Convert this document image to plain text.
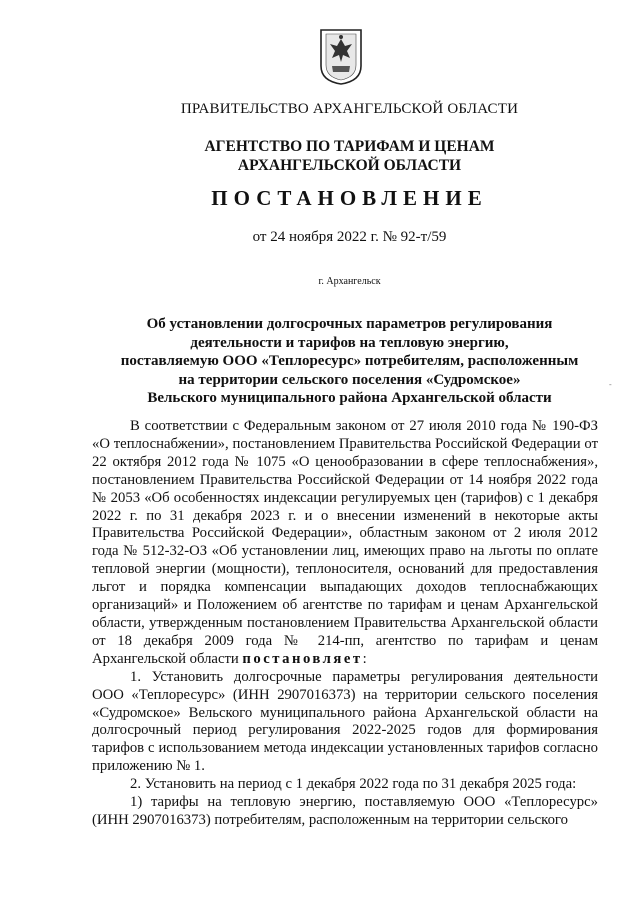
ПРАВИТЕЛЬСТВО АРХАНГЕЛЬСКОЙ ОБЛАСТИ
АГЕНТСТВО ПО ТАРИФАМ И ЦЕНАМ
АРХАНГЕЛЬСКОЙ ОБЛАСТИ
ПОСТАНОВЛЕНИЕ
от 24 ноября 2022 г. № 92-т/59
г. Архангельск
Об установлении долгосрочных параметров регулирования
деятельности и тарифов на тепловую энергию,
поставляемую ООО «Теплоресурс» потребителям, расположенным
на территории сельского поселения «Судромское»
Вельского муниципального района Архангельской области
-

В соответствии с Федеральным законом от 27 июля 2010 года № 190-ФЗ «О теплоснабжении», постановлением Правительства Российской Федерации от 22 октября 2012 года № 1075 «О ценообразовании в сфере теплоснабжения», постановлением Правительства Российской Федерации от 14 ноября 2022 года № 2053 «Об особенностях индексации регулируемых цен (тарифов) с 1 декабря 2022 г. по 31 декабря 2023 г. и о внесении изменений в некоторые акты Правительства Российской Федерации», областным законом от 2 июля 2012 года № 512-32-ОЗ «Об установлении лиц, имеющих право на льготы по оплате тепловой энергии (мощности), теплоносителя, оснований для предоставления льгот и порядка компенсации выпадающих доходов теплоснабжающих организаций» и Положением об агентстве по тарифам и ценам Архангельской области, утвержденным постановлением Правительства Архангельской области от 18 декабря 2009 года № 214-пп, агентство по тарифам и ценам Архангельской области постановляет:

1. Установить долгосрочные параметры регулирования деятельности ООО «Теплоресурс» (ИНН 2907016373) на территории сельского поселения «Судромское» Вельского муниципального района Архангельской области на долгосрочный период регулирования 2022-2025 годов для формирования тарифов с использованием метода индексации установленных тарифов согласно приложению № 1.

2. Установить на период с 1 декабря 2022 года по 31 декабря 2025 года:

1) тарифы на тепловую энергию, поставляемую ООО «Теплоресурс» (ИНН 2907016373) потребителям, расположенным на территории сельского
